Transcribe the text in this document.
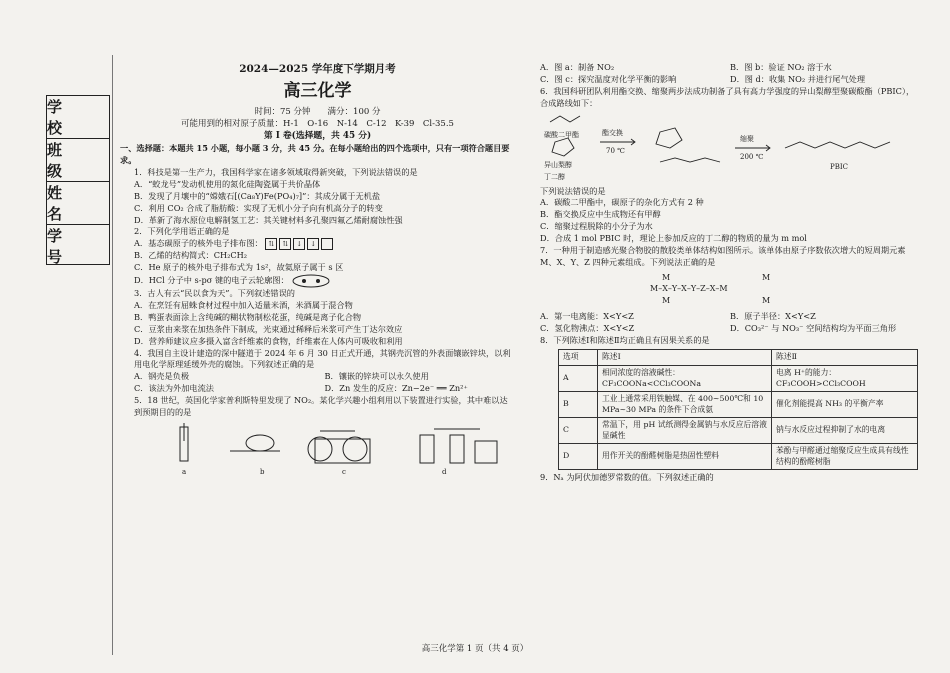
学 校
班 级
姓 名
学 号
2024—2025 学年度下学期月考
高三化学
时间：75 分钟　　满分：100 分
可能用到的相对原子质量：H-1　O-16　N-14　C-12　K-39　Cl-35.5
第 I 卷(选择题，共 45 分)

一、选择题：本题共 15 小题，每小题 3 分，共 45 分。在每小题给出的四个选项中，只有一项符合题目要求。

1．科技是第一生产力，我国科学家在诸多领域取得新突破，下列说法错误的是

A．“蛟龙号”发动机使用的氮化硅陶瓷属于共价晶体

B．发现了月壤中的“嫦娥石[(Ca₈Y)Fe(PO₄)₇]”：其成分属于无机盐

C．利用 CO₂ 合成了脂肪酸：实现了无机小分子向有机高分子的转变

D．革新了海水原位电解制氢工艺：其关键材料多孔聚四氟乙烯耐腐蚀性强

2．下列化学用语正确的是

A．基态碳原子的核外电子排布图： ⇅	⇅	↓	↓

B．乙烯的结构简式：CH₂CH₂

C．He 原子的核外电子排布式为 1s²，故氦原子属于 s 区

D．HCl 分子中 s-pσ 键的电子云轮廓图：

3．古人有云“民以食为天”。下列叙述错误的

A．在烹饪有屈蛛食材过程中加入适量米酒，米酒属于混合物

B．鸭蛋表面涂上含纯碱的糊状物制松花蛋，纯碱是离子化合物

C．豆浆由来浆在加热条件下制成，光束通过稀释后米浆可产生丁达尔效应

D．营养师建议应多摄入富含纤维素的食物，纤维素在人体内可吸收和利用

4．我国自主设计建造的深中隧道于 2024 年 6 月 30 日正式开通，其钢壳沉管的外表面镶嵌锌块，以利用电化学原理延缓外壳的腐蚀。下列叙述正确的是

A．钢壳是负极	B．镶嵌的锌块可以永久使用
C．该法为外加电流法	D．Zn 发生的反应：Zn−2e⁻ ══ Zn²⁺

5．18 世纪，英国化学家普利斯特里发现了 NO₂。某化学兴趣小组利用以下装置进行实验，其中难以达到预期目的的是

a	b	c	d
A．图 a：制备 NO₂	B．图 b：验证 NO₂ 溶于水
C．图 c：探究温度对化学平衡的影响	D．图 d：收集 NO₂ 并进行尾气处理

6．我国科研团队利用酯交换、缩聚两步法成功制备了具有高力学强度的异山梨醇型聚碳酸酯（PBIC），合成路线如下：

碳酸二甲酯
异山梨醇
酯交换
70 ℃
缩聚
200 ℃
丁二醇
PBIC

下列说法错误的是

A．碳酸二甲酯中，碳原子的杂化方式有 2 种

B．酯交换反应中生成物还有甲醇

C．缩聚过程脱除的小分子为水

D．合成 1 mol PBIC 时，理论上参加反应的丁二醇的物质的量为 m mol

7．一种用于制造感光聚合物胶的散胶类单体结构如图所示。该单体由原子序数依次增大的短周期元素 M、X、Y、Z 四种元素组成。下列说法正确的是

M–X–Y–X–Y–Z–X–M
M	M
M	M
A．第一电离能：X<Y<Z	B．原子半径：X<Y<Z
C．氢化物沸点：X<Y<Z	D．CO₃²⁻ 与 NO₃⁻ 空间结构均为平面三角形

8．下列陈述Ⅰ和陈述Ⅱ均正确且有因果关系的是

选项	陈述Ⅰ	陈述Ⅱ
A	相同浓度的溶液碱性：CF₃COONa<CCl₃COONa	电离 H⁺的能力：CF₃COOH>CCl₃COOH
B	工业上通常采用铁触媒、在 400~500℃和 10 MPa~30 MPa 的条件下合成氨	催化剂能提高 NH₃ 的平衡产率
C	常温下，用 pH 试纸测得金属钠与水反应后溶液显碱性	钠与水反应过程抑制了水的电离
D	用作开关的酚醛树脂是热固性塑料	苯酚与甲醛通过缩聚反应生成具有线性结构的酚醛树脂

9．Nₐ 为阿伏加德罗常数的值。下列叙述正确的

高三化学第 1 页（共 4 页）
